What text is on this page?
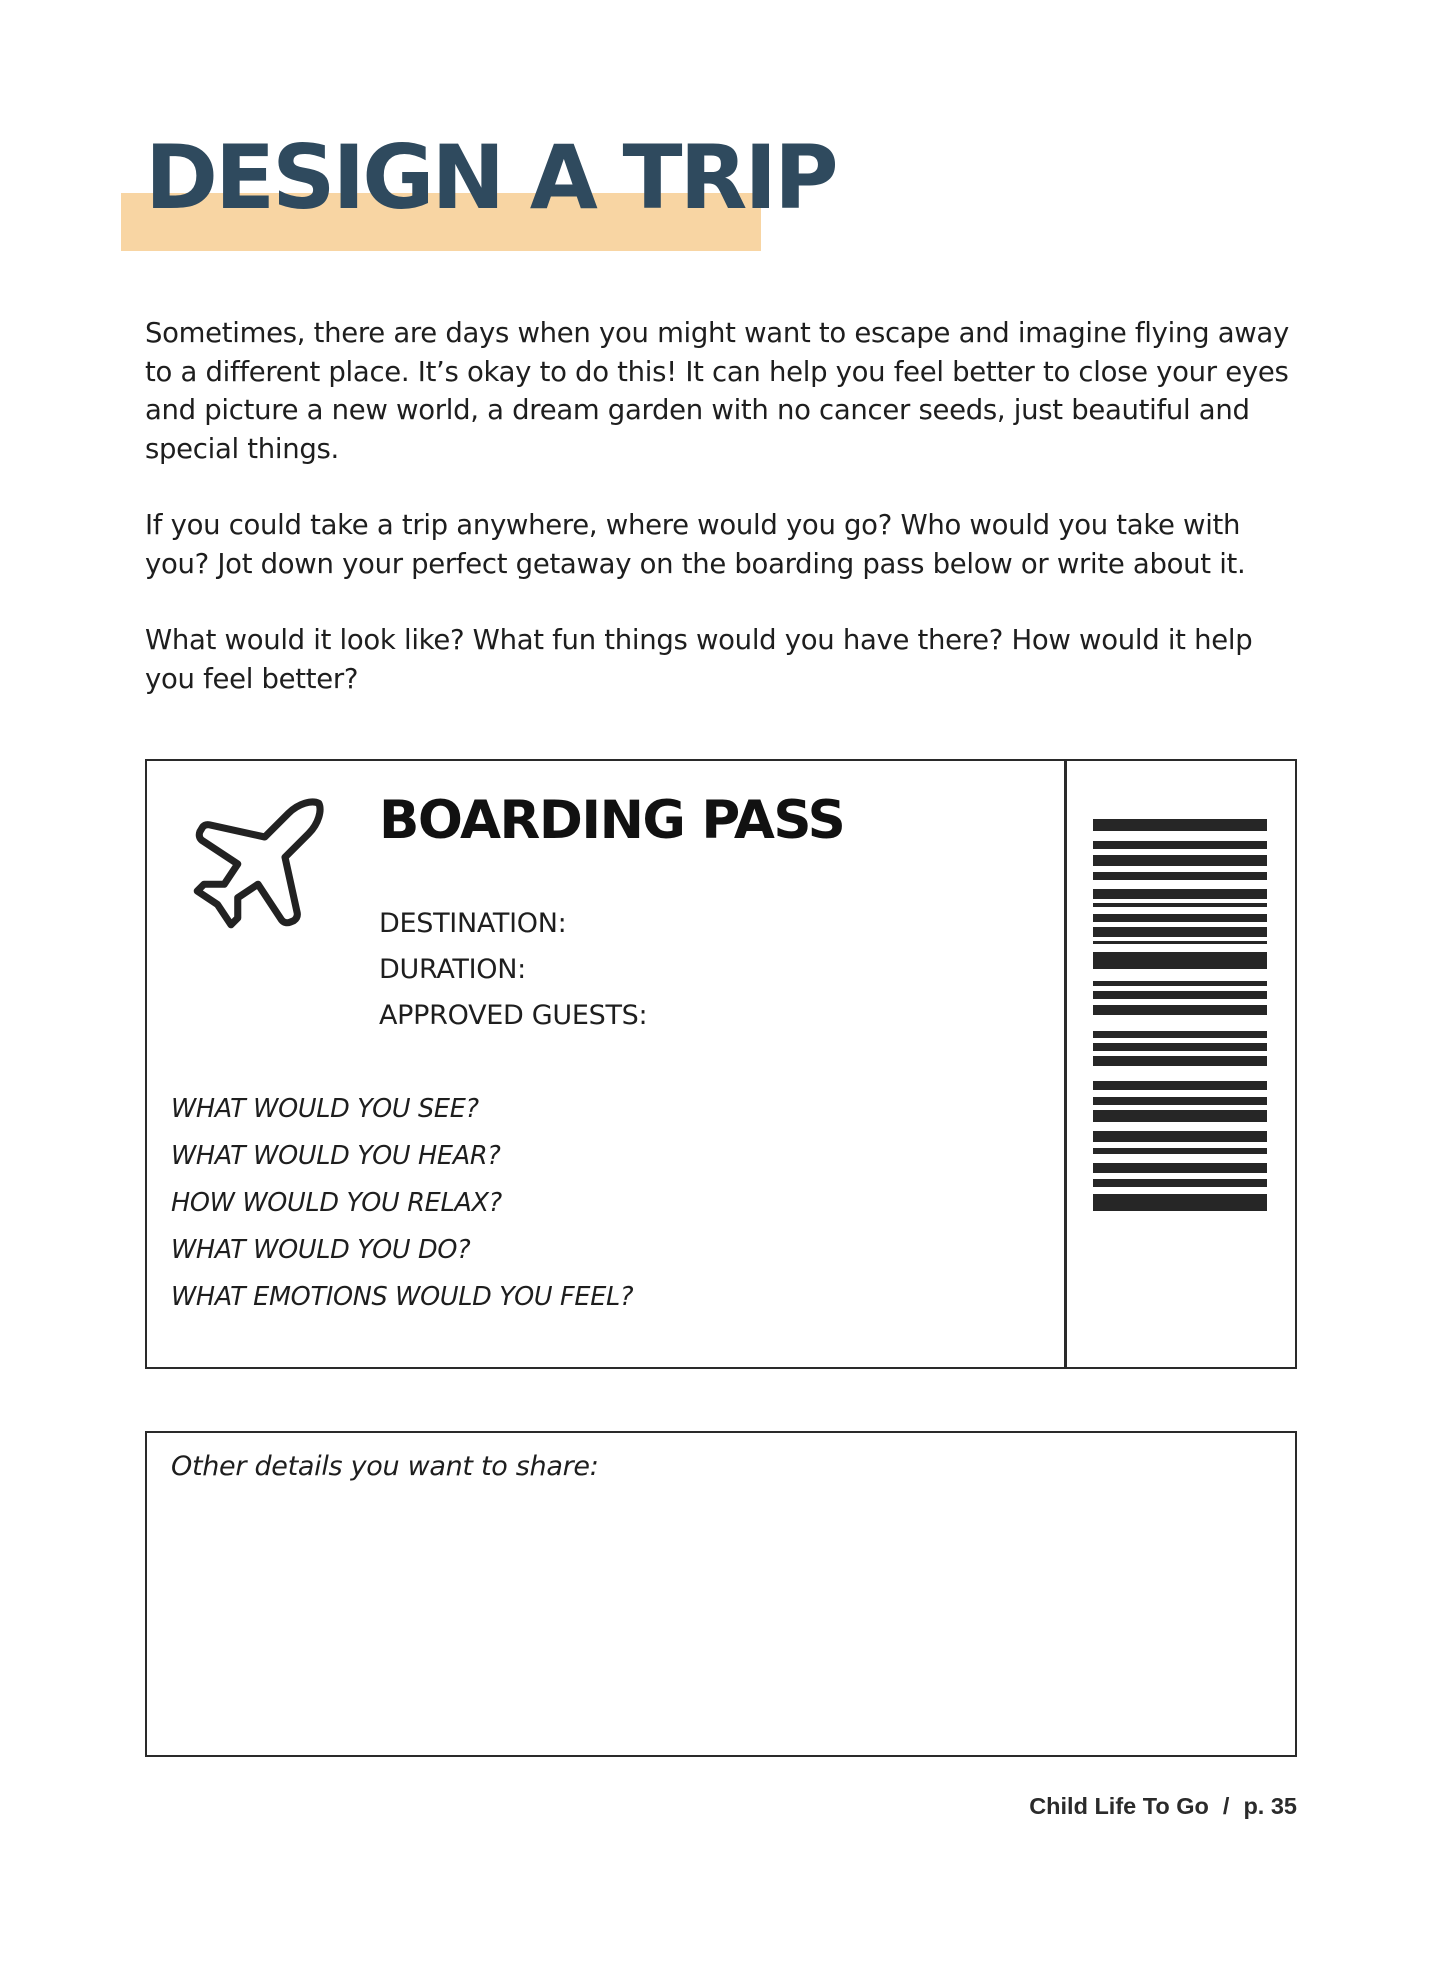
DESIGN A TRIP

Sometimes, there are days when you might want to escape and imagine flying away to a different place. It’s okay to do this! It can help you feel better to close your eyes and picture a new world, a dream garden with no cancer seeds, just beautiful and special things.

If you could take a trip anywhere, where would you go? Who would you take with you? Jot down your perfect getaway on the boarding pass below or write about it.

What would it look like? What fun things would you have there? How would it help you feel better?

BOARDING PASS
DESTINATION:
DURATION:
APPROVED GUESTS:
WHAT WOULD YOU SEE?
WHAT WOULD YOU HEAR?
HOW WOULD YOU RELAX?
WHAT WOULD YOU DO?
WHAT EMOTIONS WOULD YOU FEEL?
Other details you want to share:
Child Life To Go / p. 35
